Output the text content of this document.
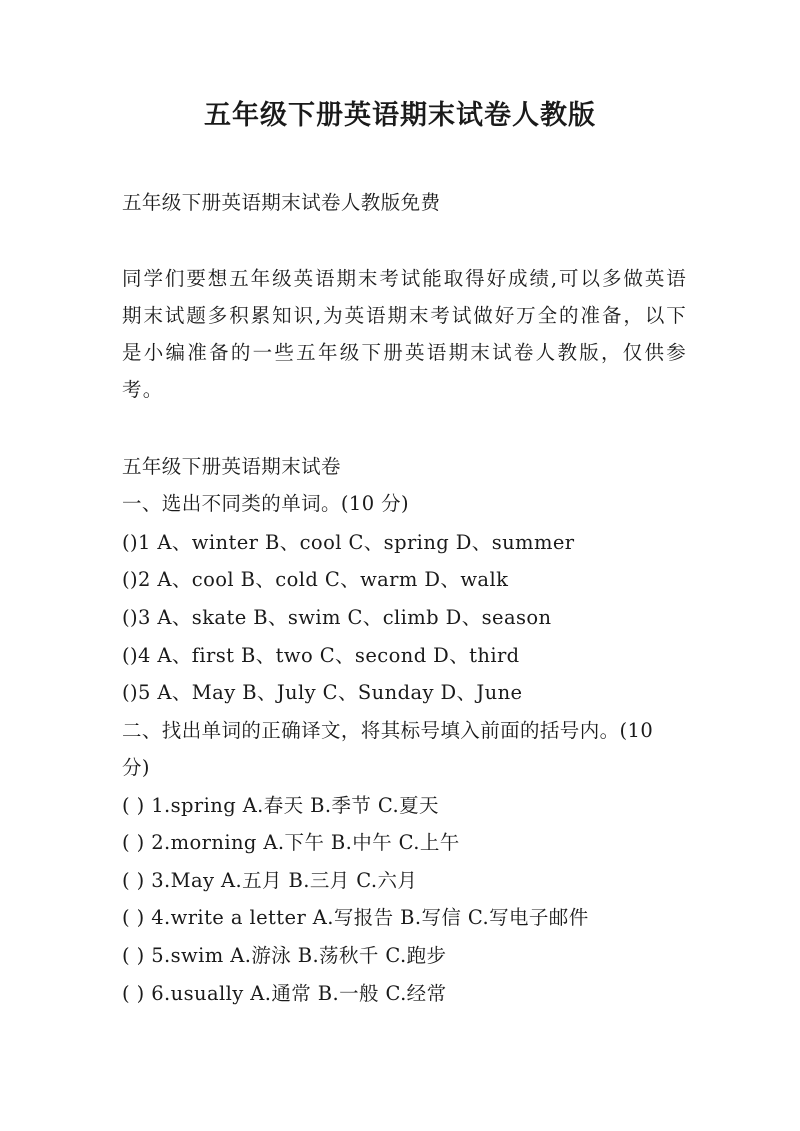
五年级下册英语期末试卷人教版
五年级下册英语期末试卷人教版免费
同学们要想五年级英语期末考试能取得好成绩,可以多做英语期末试题多积累知识,为英语期末考试做好万全的准备，以下是小编准备的一些五年级下册英语期末试卷人教版，仅供参考。
五年级下册英语期末试卷
一、选出不同类的单词。(10 分)
()1 A、winter B、cool C、spring D、summer
()2 A、cool B、cold C、warm D、walk
()3 A、skate B、swim C、climb D、season
()4 A、first B、two C、second D、third
()5 A、May B、July C、Sunday D、June
二、找出单词的正确译文，将其标号填入前面的括号内。(10
分)
( ) 1.spring A.春天 B.季节 C.夏天
( ) 2.morning A.下午 B.中午 C.上午
( ) 3.May A.五月 B.三月 C.六月
( ) 4.write a letter A.写报告 B.写信 C.写电子邮件
( ) 5.swim A.游泳 B.荡秋千 C.跑步
( ) 6.usually A.通常 B.一般 C.经常
